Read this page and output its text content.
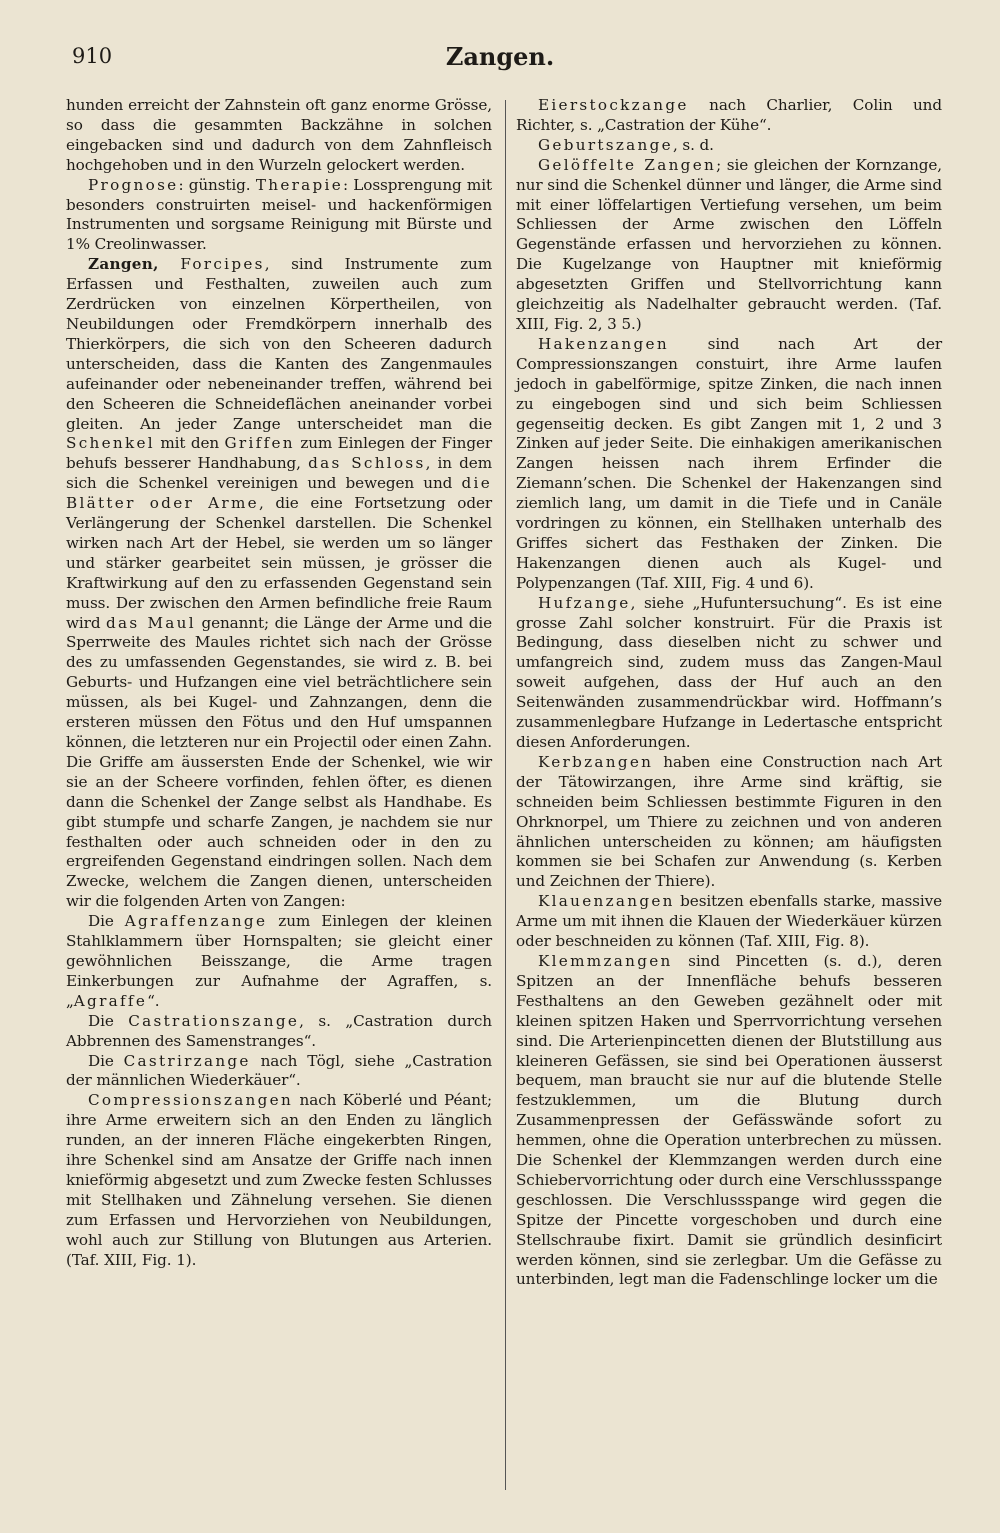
910	Zangen.

hunden erreicht der Zahnstein oft ganz enorme Grösse, so dass die gesammten Backzähne in solchen eingebacken sind und dadurch von dem Zahnfleisch hochgehoben und in den Wurzeln gelockert werden.

Prognose: günstig. Therapie: Lossprengung mit besonders construirten meisel- und hackenförmigen Instrumenten und sorgsame Reinigung mit Bürste und 1% Creolinwasser.

Zangen, Forcipes, sind Instrumente zum Erfassen und Festhalten, zuweilen auch zum Zerdrücken von einzelnen Körpertheilen, von Neubildungen oder Fremdkörpern innerhalb des Thierkörpers, die sich von den Scheeren dadurch unterscheiden, dass die Kanten des Zangenmaules aufeinander oder nebeneinander treffen, während bei den Scheeren die Schneideflächen aneinander vorbei gleiten. An jeder Zange unterscheidet man die Schenkel mit den Griffen zum Einlegen der Finger behufs besserer Handhabung, das Schloss, in dem sich die Schenkel vereinigen und bewegen und die Blätter oder Arme, die eine Fortsetzung oder Verlängerung der Schenkel darstellen. Die Schenkel wirken nach Art der Hebel, sie werden um so länger und stärker gearbeitet sein müssen, je grösser die Kraftwirkung auf den zu erfassenden Gegenstand sein muss. Der zwischen den Armen befindliche freie Raum wird das Maul genannt; die Länge der Arme und die Sperrweite des Maules richtet sich nach der Grösse des zu umfassenden Gegenstandes, sie wird z. B. bei Geburts- und Hufzangen eine viel beträchtlichere sein müssen, als bei Kugel- und Zahnzangen, denn die ersteren müssen den Fötus und den Huf umspannen können, die letzteren nur ein Projectil oder einen Zahn. Die Griffe am äussersten Ende der Schenkel, wie wir sie an der Scheere vorfinden, fehlen öfter, es dienen dann die Schenkel der Zange selbst als Handhabe. Es gibt stumpfe und scharfe Zangen, je nachdem sie nur festhalten oder auch schneiden oder in den zu ergreifenden Gegenstand eindringen sollen. Nach dem Zwecke, welchem die Zangen dienen, unterscheiden wir die folgenden Arten von Zangen:

Die Agraffenzange zum Einlegen der kleinen Stahlklammern über Hornspalten; sie gleicht einer gewöhnlichen Beisszange, die Arme tragen Einkerbungen zur Aufnahme der Agraffen, s. „Agraffe“.

Die Castrationszange, s. „Castration durch Abbrennen des Samenstranges“.

Die Castrirzange nach Tögl, siehe „Castration der männlichen Wiederkäuer“.

Compressionszangen nach Köberlé und Péant; ihre Arme erweitern sich an den Enden zu länglich runden, an der inneren Fläche eingekerbten Ringen, ihre Schenkel sind am Ansatze der Griffe nach innen knieförmig abgesetzt und zum Zwecke festen Schlusses mit Stellhaken und Zähnelung versehen. Sie dienen zum Erfassen und Hervorziehen von Neubildungen, wohl auch zur Stillung von Blutungen aus Arterien. (Taf. XIII, Fig. 1).

Eierstockzange nach Charlier, Colin und Richter, s. „Castration der Kühe“.

Geburtszange, s. d.

Gelöffelte Zangen; sie gleichen der Kornzange, nur sind die Schenkel dünner und länger, die Arme sind mit einer löffelartigen Vertiefung versehen, um beim Schliessen der Arme zwischen den Löffeln Gegenstände erfassen und hervorziehen zu können. Die Kugelzange von Hauptner mit knieförmig abgesetzten Griffen und Stellvorrichtung kann gleichzeitig als Nadelhalter gebraucht werden. (Taf. XIII, Fig. 2, 3 5.)

Hakenzangen sind nach Art der Compressionszangen constuirt, ihre Arme laufen jedoch in gabelförmige, spitze Zinken, die nach innen zu eingebogen sind und sich beim Schliessen gegenseitig decken. Es gibt Zangen mit 1, 2 und 3 Zinken auf jeder Seite. Die einhakigen amerikanischen Zangen heissen nach ihrem Erfinder die Ziemann’schen. Die Schenkel der Hakenzangen sind ziemlich lang, um damit in die Tiefe und in Canäle vordringen zu können, ein Stellhaken unterhalb des Griffes sichert das Festhaken der Zinken. Die Hakenzangen dienen auch als Kugel- und Polypenzangen (Taf. XIII, Fig. 4 und 6).

Hufzange, siehe „Hufuntersuchung“. Es ist eine grosse Zahl solcher konstruirt. Für die Praxis ist Bedingung, dass dieselben nicht zu schwer und umfangreich sind, zudem muss das Zangen-Maul soweit aufgehen, dass der Huf auch an den Seitenwänden zusammendrückbar wird. Hoffmann’s zusammenlegbare Hufzange in Ledertasche entspricht diesen Anforderungen.

Kerbzangen haben eine Construction nach Art der Tätowirzangen, ihre Arme sind kräftig, sie schneiden beim Schliessen bestimmte Figuren in den Ohrknorpel, um Thiere zu zeichnen und von anderen ähnlichen unterscheiden zu können; am häufigsten kommen sie bei Schafen zur Anwendung (s. Kerben und Zeichnen der Thiere).

Klauenzangen besitzen ebenfalls starke, massive Arme um mit ihnen die Klauen der Wiederkäuer kürzen oder beschneiden zu können (Taf. XIII, Fig. 8).

Klemmzangen sind Pincetten (s. d.), deren Spitzen an der Innenfläche behufs besseren Festhaltens an den Geweben gezähnelt oder mit kleinen spitzen Haken und Sperrvorrichtung versehen sind. Die Arterienpincetten dienen der Blutstillung aus kleineren Gefässen, sie sind bei Operationen äusserst bequem, man braucht sie nur auf die blutende Stelle festzuklemmen, um die Blutung durch Zusammenpressen der Gefässwände sofort zu hemmen, ohne die Operation unterbrechen zu müssen. Die Schenkel der Klemmzangen werden durch eine Schiebervorrichtung oder durch eine Verschlussspange geschlossen. Die Verschlussspange wird gegen die Spitze der Pincette vorgeschoben und durch eine Stellschraube fixirt. Damit sie gründlich desinficirt werden können, sind sie zerlegbar. Um die Gefässe zu unterbinden, legt man die Fadenschlinge locker um die
